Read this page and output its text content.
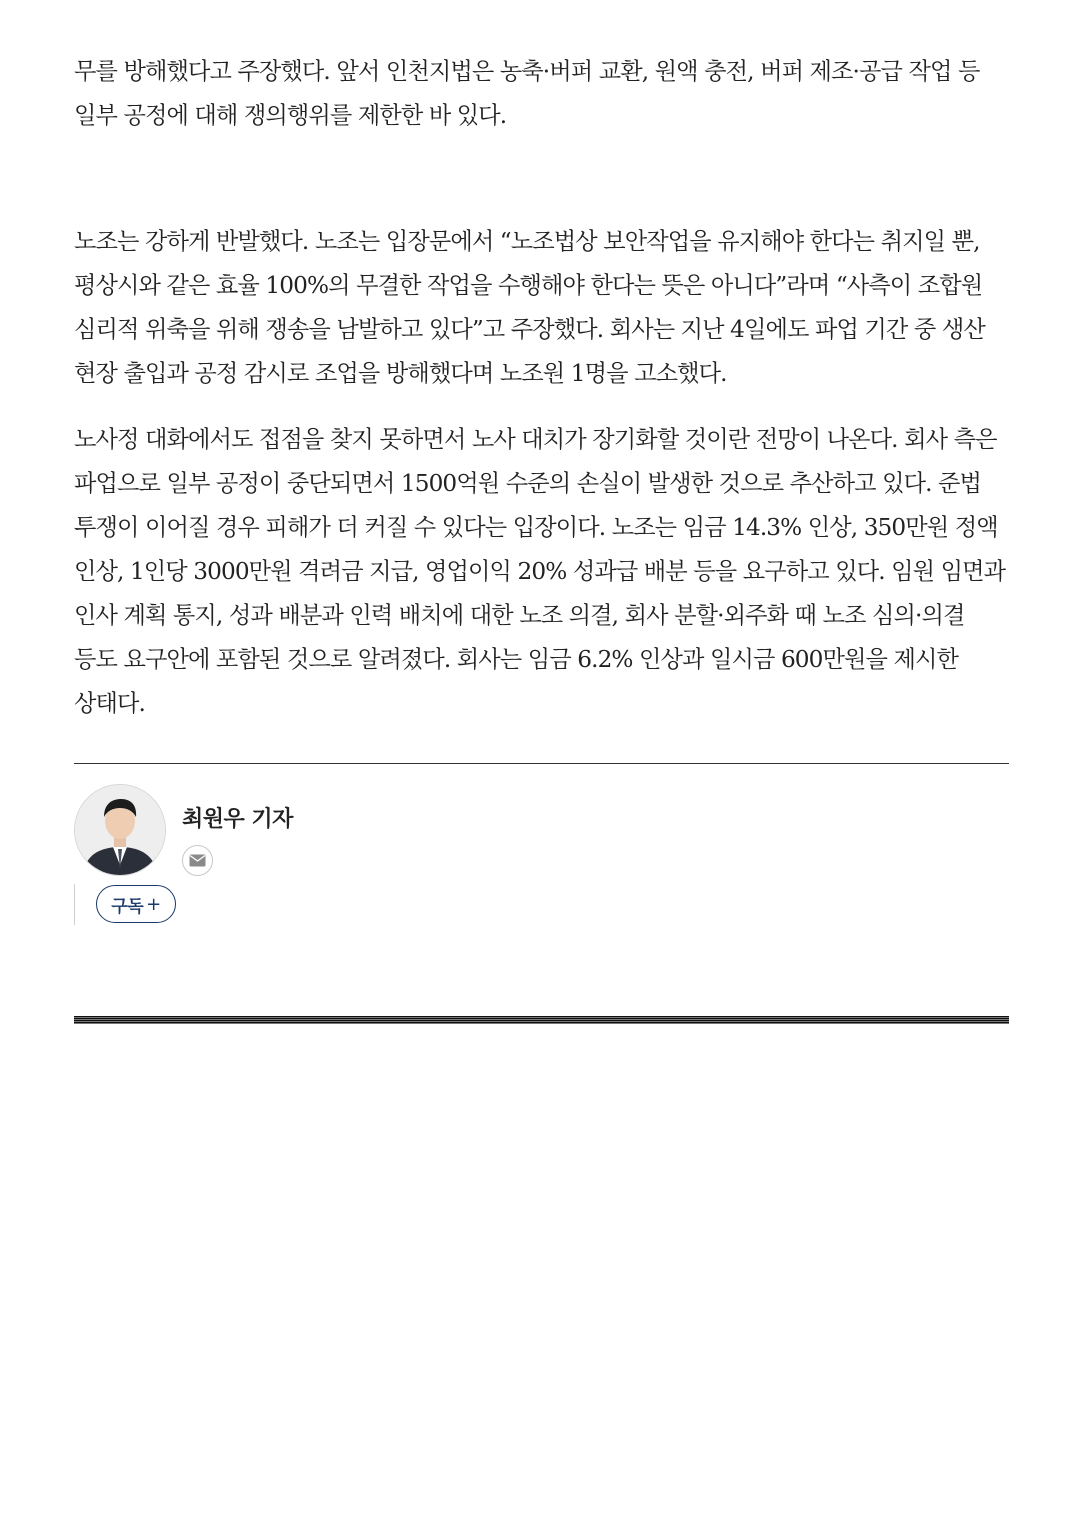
무를 방해했다고 주장했다. 앞서 인천지법은 농축·버퍼 교환, 원액 충전, 버퍼 제조·공급 작업 등 일부 공정에 대해 쟁의행위를 제한한 바 있다.

노조는 강하게 반발했다. 노조는 입장문에서 “노조법상 보안작업을 유지해야 한다는 취지일 뿐, 평상시와 같은 효율 100%의 무결한 작업을 수행해야 한다는 뜻은 아니다”라며 “사측이 조합원 심리적 위축을 위해 쟁송을 남발하고 있다”고 주장했다. 회사는 지난 4일에도 파업 기간 중 생산 현장 출입과 공정 감시로 조업을 방해했다며 노조원 1명을 고소했다.

노사정 대화에서도 접점을 찾지 못하면서 노사 대치가 장기화할 것이란 전망이 나온다. 회사 측은 파업으로 일부 공정이 중단되면서 1500억원 수준의 손실이 발생한 것으로 추산하고 있다. 준법 투쟁이 이어질 경우 피해가 더 커질 수 있다는 입장이다. 노조는 임금 14.3% 인상, 350만원 정액 인상, 1인당 3000만원 격려금 지급, 영업이익 20% 성과급 배분 등을 요구하고 있다. 임원 임면과 인사 계획 통지, 성과 배분과 인력 배치에 대한 노조 의결, 회사 분할·외주화 때 노조 심의·의결 등도 요구안에 포함된 것으로 알려졌다. 회사는 임금 6.2% 인상과 일시금 600만원을 제시한 상태다.

최원우 기자
구독 +
